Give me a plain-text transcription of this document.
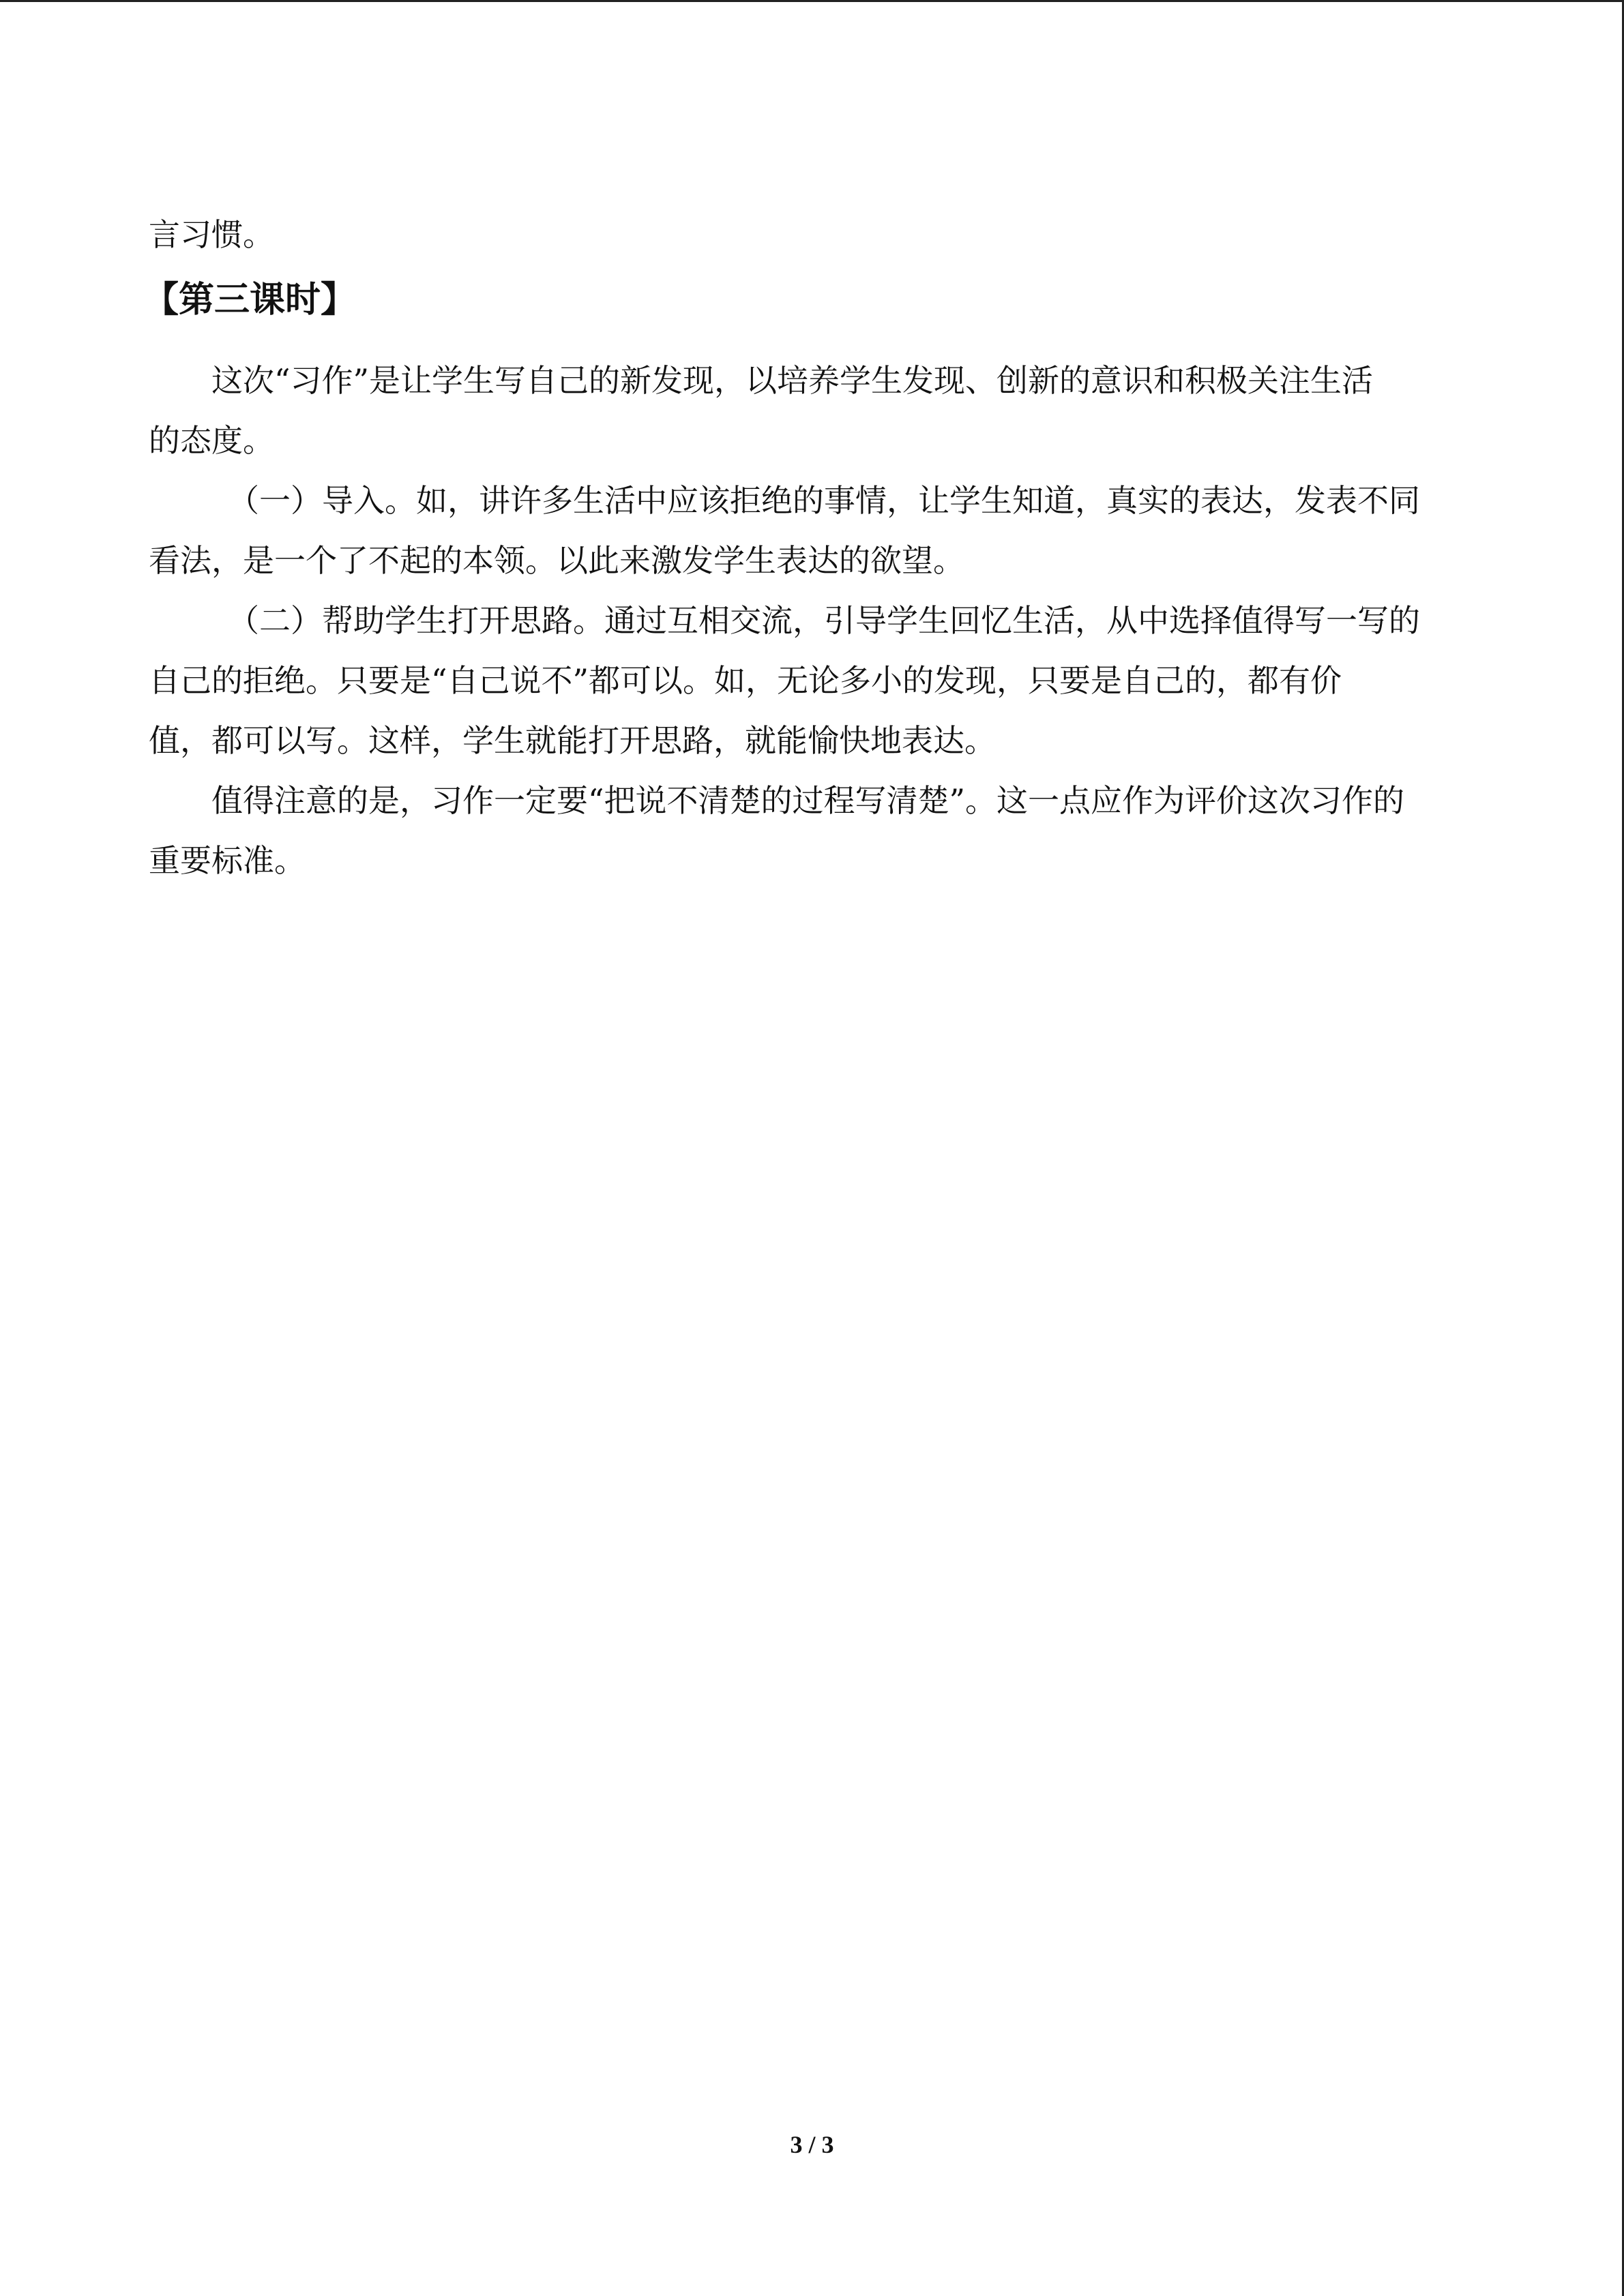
言习惯。

【第三课时】

这次“习作”是让学生写自己的新发现，以培养学生发现、创新的意识和积极关注生活

的态度。

（一）导入。如，讲许多生活中应该拒绝的事情，让学生知道，真实的表达，发表不同

看法，是一个了不起的本领。以此来激发学生表达的欲望。

（二）帮助学生打开思路。通过互相交流，引导学生回忆生活，从中选择值得写一写的

自己的拒绝。只要是“自己说不”都可以。如，无论多小的发现，只要是自己的，都有价

值，都可以写。这样，学生就能打开思路，就能愉快地表达。

值得注意的是，习作一定要“把说不清楚的过程写清楚”。这一点应作为评价这次习作的

重要标准。

3 / 3
